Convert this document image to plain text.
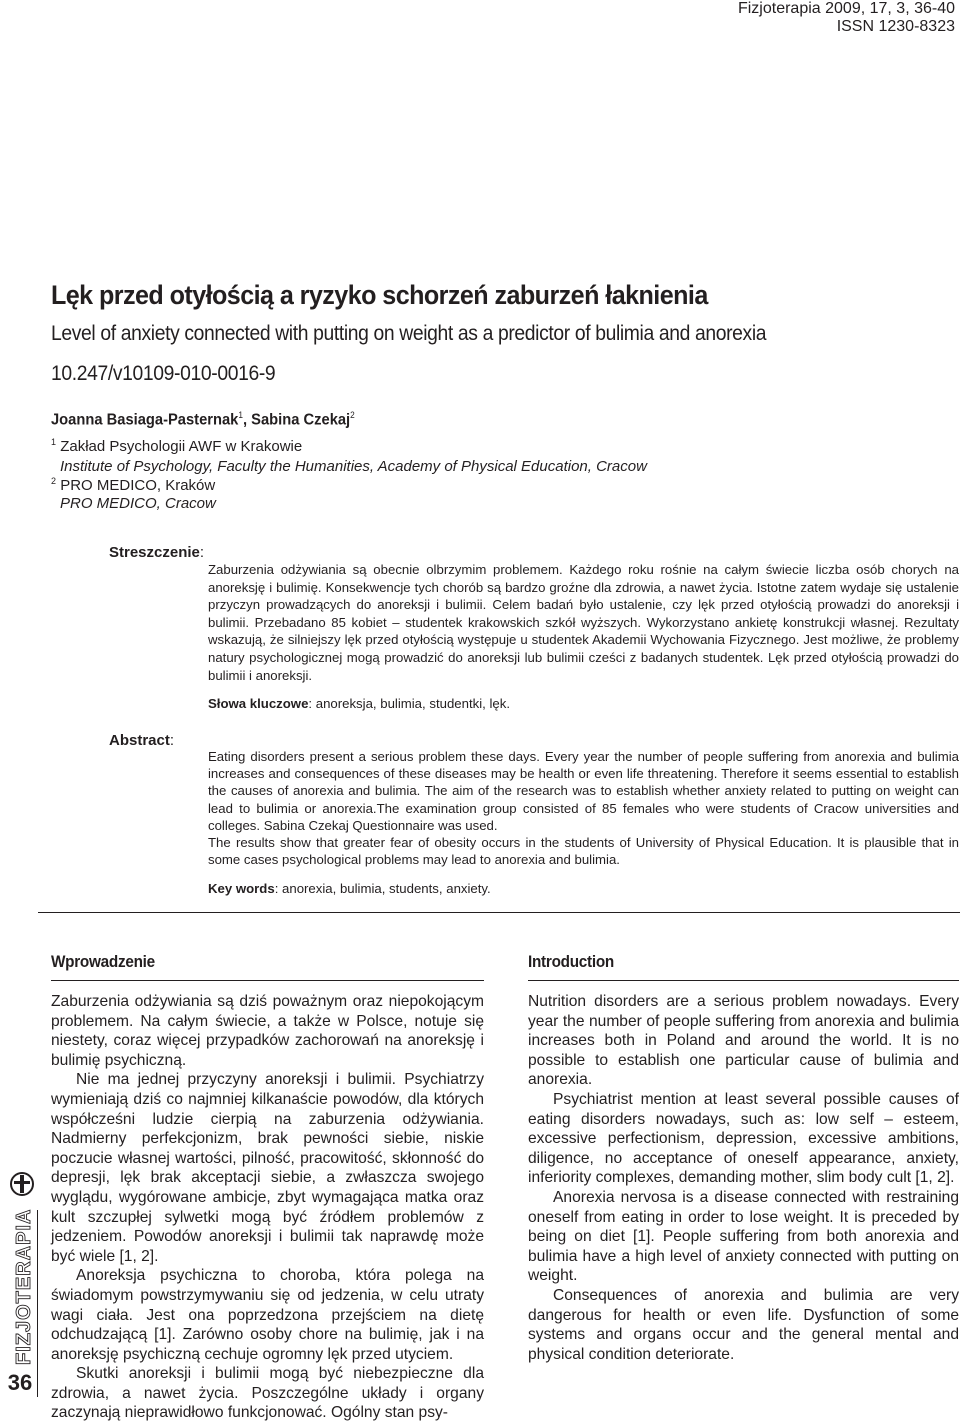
Fizjoterapia 2009, 17, 3, 36-40
ISSN 1230-8323
Lęk przed otyłością a ryzyko schorzeń zaburzeń łaknienia
Level of anxiety connected with putting on weight as a predictor of bulimia and anorexia
10.247/v10109-010-0016-9
Joanna Basiaga-Pasternak$^1$, Sabina Czekaj$^2$
$^1$ Zakład Psychologii AWF w Krakowie
Institute of Psychology, Faculty the Humanities, Academy of Physical Education, Cracow
$^2$ PRO MEDICO, Kraków
PRO MEDICO, Cracow
Streszczenie:
Zaburzenia odżywiania są obecnie olbrzymim problemem. Każdego roku rośnie na całym świecie liczba osób chorych na anoreksję i bulimię. Konsekwencje tych chorób są bardzo groźne dla zdrowia, a nawet życia. Istotne zatem wydaje się ustalenie przyczyn prowadzących do anoreksji i bulimii. Celem badań było ustalenie, czy lęk przed otyłością prowadzi do anoreksji i bulimii. Przebadano 85 kobiet – studentek krakowskich szkół wyższych. Wykorzystano ankietę konstrukcji własnej. Rezultaty wskazują, że silniejszy lęk przed otyłością występuje u studentek Akademii Wychowania Fizycznego. Jest możliwe, że problemy natury psychologicznej mogą prowadzić do anoreksji lub bulimii cześci z badanych studentek. Lęk przed otyłością prowadzi do bulimii i anoreksji.
Słowa kluczowe: anoreksja, bulimia, studentki, lęk.
Abstract:
Eating disorders present a serious problem these days. Every year the number of people suffering from anorexia and bulimia increases and consequences of these diseases may be health or even life threatening. Therefore it seems essential to establish the causes of anorexia and bulimia. The aim of the research was to establish whether anxiety related to putting on weight can lead to bulimia or anorexia.The examination group consisted of 85 females who were students of Cracow universities and colleges. Sabina Czekaj Questionnaire was used.
The results show that greater fear of obesity occurs in the students of University of Physical Education. It is plausible that in some cases psychological problems may lead to anorexia and bulimia.
Key words: anorexia, bulimia, students, anxiety.
Wprowadzenie

Zaburzenia odżywiania są dziś poważnym oraz niepokojącym problemem. Na całym świecie, a także w Polsce, notuje się niestety, coraz więcej przypadków zachorowań na anoreksję i bulimię psychiczną.

Nie ma jednej przyczyny anoreksji i bulimii. Psychiatrzy wymieniają dziś co najmniej kilkanaście powodów, dla których współcześni ludzie cierpią na zaburzenia odżywiania. Nadmierny perfekcjonizm, brak pewności siebie, niskie poczucie własnej wartości, pilność, pracowitość, skłonność do depresji, lęk brak akceptacji siebie, a zwłaszcza swojego wyglądu, wygórowane ambicje, zbyt wymagająca matka oraz kult szczupłej sylwetki mogą być źródłem problemów z jedzeniem. Powodów anoreksji i bulimii tak naprawdę może być wiele [1, 2].

Anoreksja psychiczna to choroba, która polega na świadomym powstrzymywaniu się od jedzenia, w celu utraty wagi ciała. Jest ona poprzedzona przejściem na dietę odchudzającą [1]. Zarówno osoby chore na bulimię, jak i na anoreksję psychiczną cechuje ogromny lęk przed utyciem.

Skutki anoreksji i bulimii mogą być niebezpieczne dla zdrowia, a nawet życia. Poszczególne układy i organy zaczynają nieprawidłowo funkcjonować. Ogólny stan psy-

Introduction

Nutrition disorders are a serious problem nowadays. Every year the number of people suffering from anorexia and bulimia increases both in Poland and around the world. It is no possible to establish one particular cause of bulimia and anorexia.

Psychiatrist mention at least several possible causes of eating disorders nowadays, such as: low self – esteem, excessive perfectionism, depression, excessive ambitions, diligence, no acceptance of oneself appearance, anxiety, inferiority complexes, demanding mother, slim body cult [1, 2].

Anorexia nervosa is a disease connected with restraining oneself from eating in order to lose weight. It is preceded by being on diet [1]. People suffering from both anorexia and bulimia have a high level of anxiety connected with putting on weight.

Consequences of anorexia and bulimia are very dangerous for health or even life. Dysfunction of some systems and organs occur and the general mental and physical condition deteriorate.

FIZJOTERAPIA
36
